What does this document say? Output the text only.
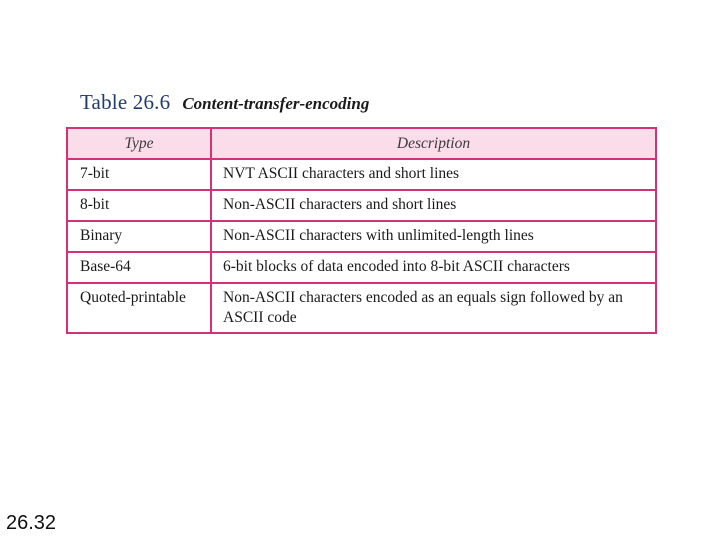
Table 26.6 Content-transfer-encoding
Type	Description
7-bit	NVT ASCII characters and short lines
8-bit	Non-ASCII characters and short lines
Binary	Non-ASCII characters with unlimited-length lines
Base-64	6-bit blocks of data encoded into 8-bit ASCII characters
Quoted-printable	Non-ASCII characters encoded as an equals sign followed by an ASCII code
26.32
